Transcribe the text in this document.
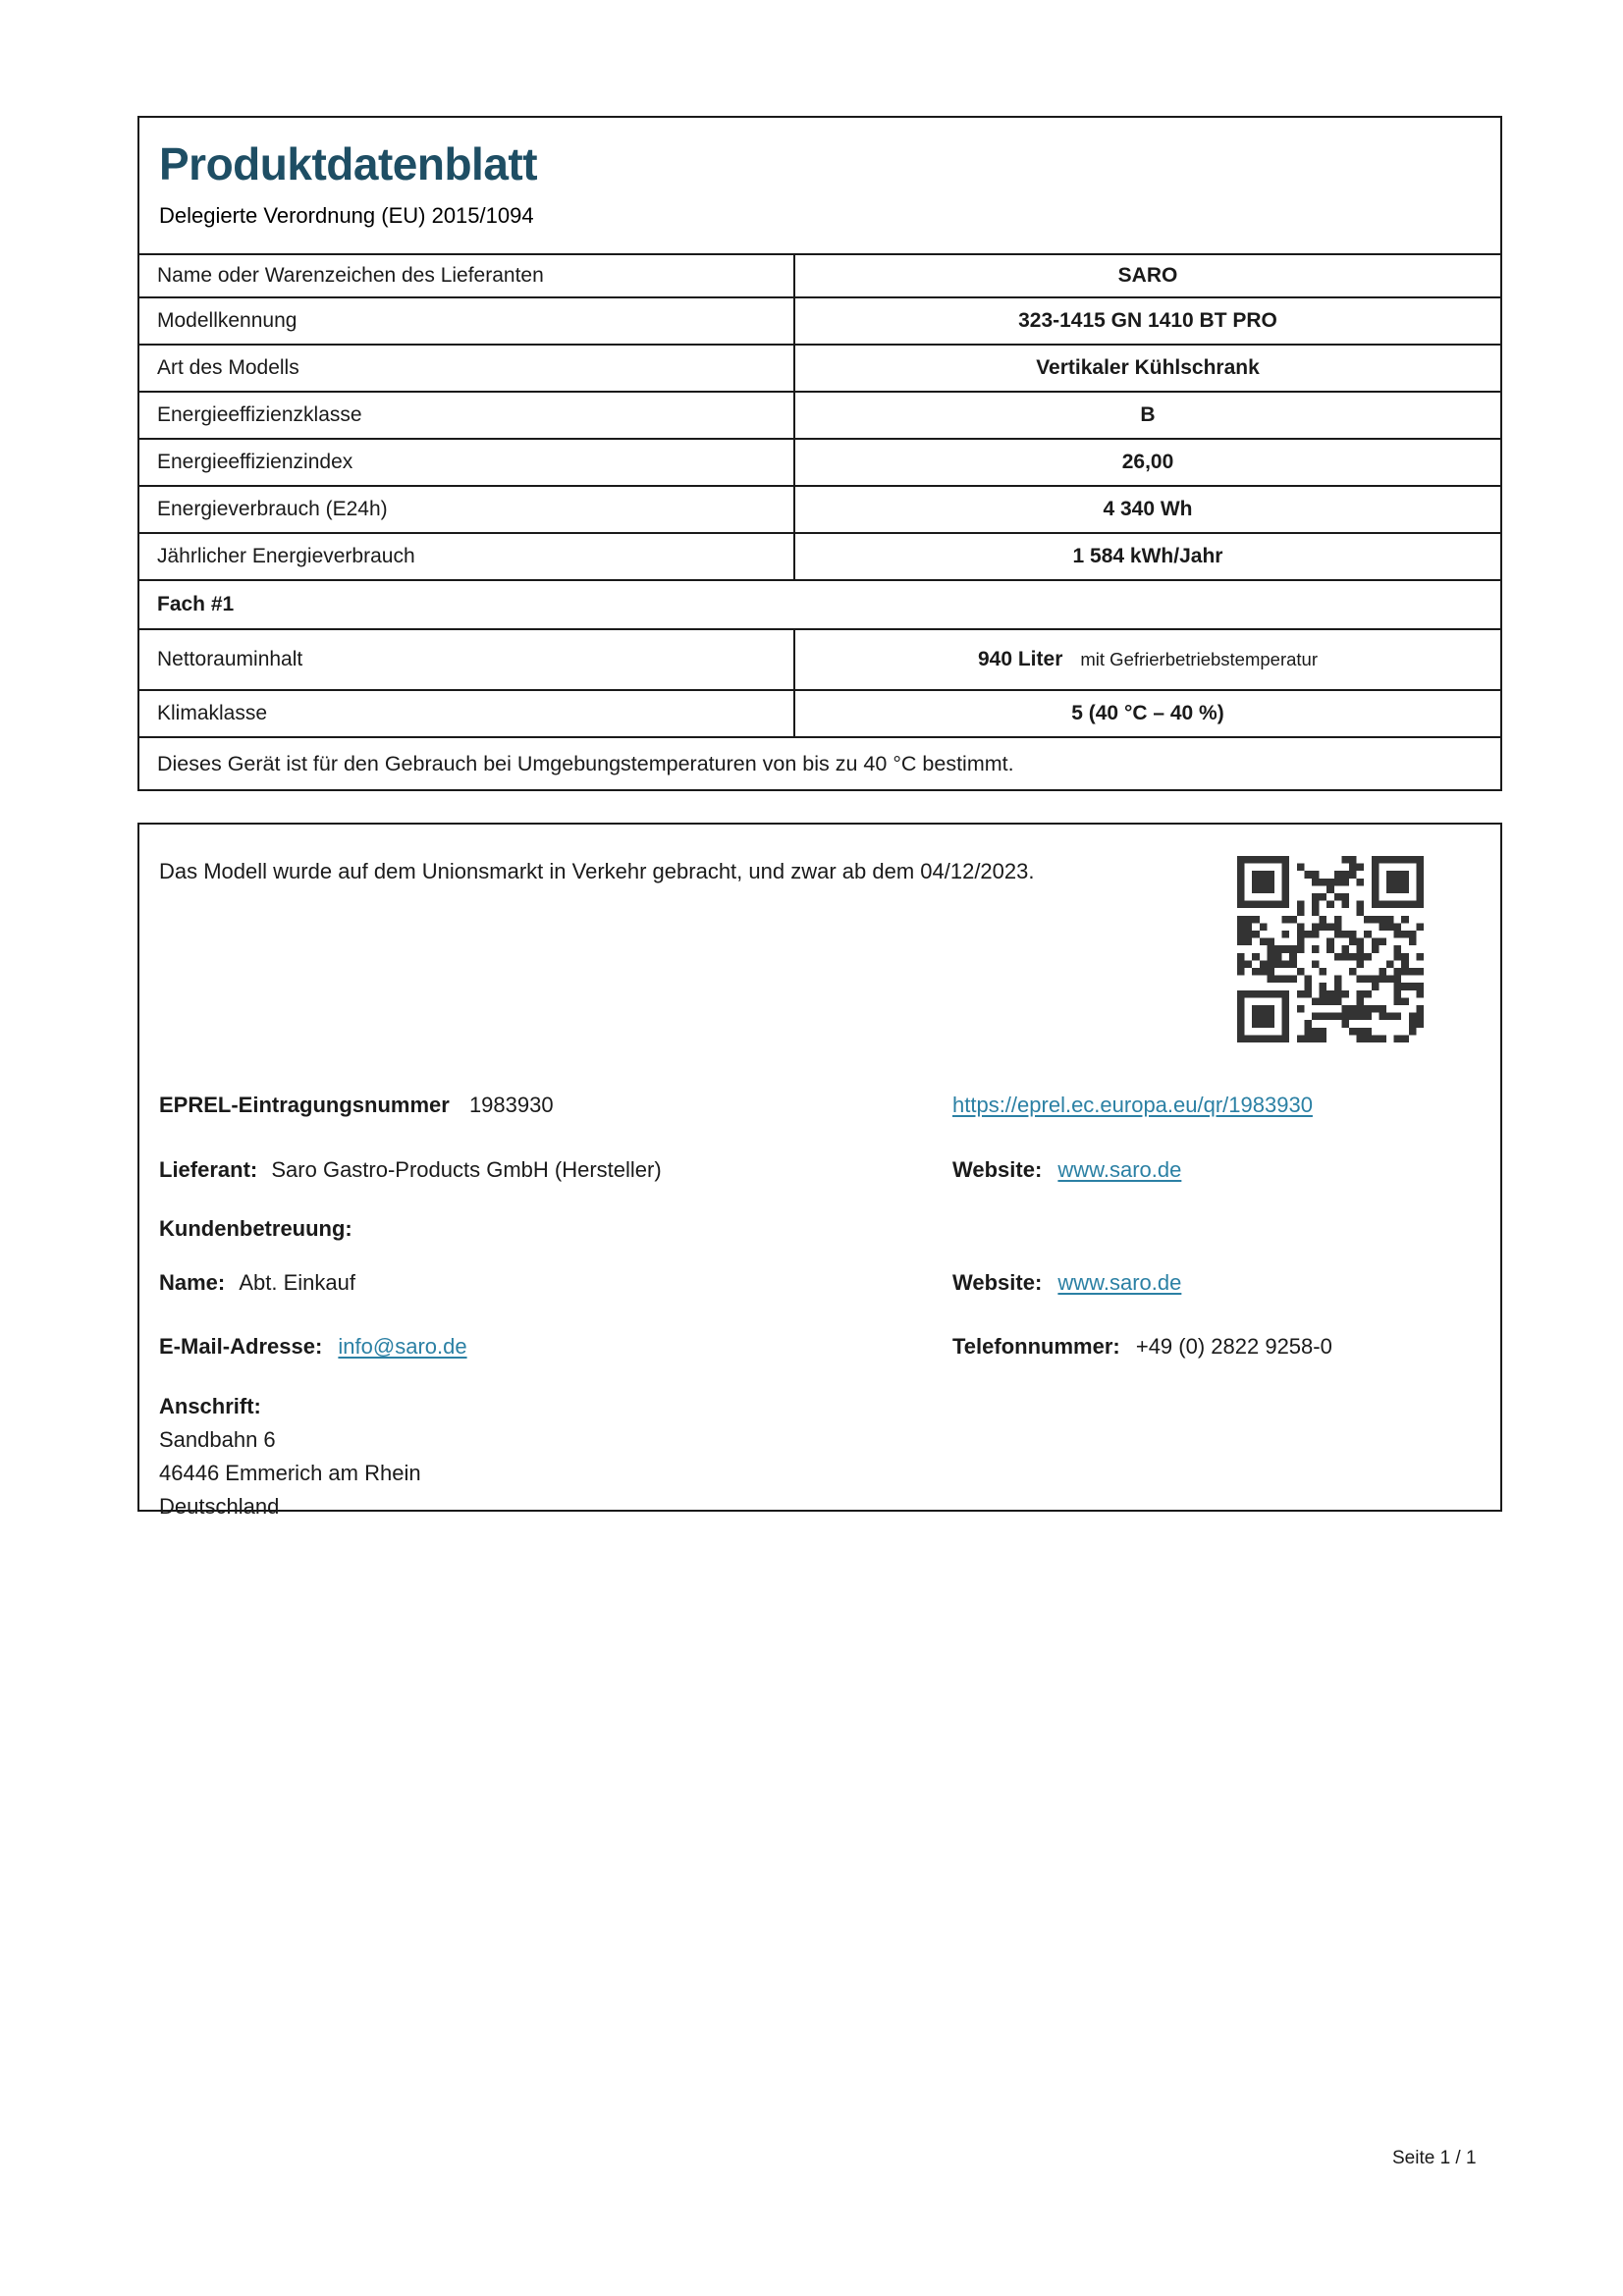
Produktdatenblatt
Delegierte Verordnung (EU) 2015/1094
Name oder Warenzeichen des Lieferanten	SARO
Modellkennung	323-1415 GN 1410 BT PRO
Art des Modells	Vertikaler Kühlschrank
Energieeffizienzklasse	B
Energieeffizienzindex	26,00
Energieverbrauch (E24h)	4 340 Wh
Jährlicher Energieverbrauch	1 584 kWh/Jahr
Fach #1
Nettorauminhalt	940 Liter mit Gefrierbetriebstemperatur
Klimaklasse	5 (40 °C – 40 %)
Dieses Gerät ist für den Gebrauch bei Umgebungstemperaturen von bis zu 40 °C bestimmt.
Das Modell wurde auf dem Unionsmarkt in Verkehr gebracht, und zwar ab dem 04/12/2023.
EPREL-Eintragungsnummer 1983930	https://eprel.ec.europa.eu/qr/1983930
Lieferant: Saro Gastro-Products GmbH (Hersteller)	Website: www.saro.de
Kundenbetreuung:
Name: Abt. Einkauf	Website: www.saro.de
E-Mail-Adresse: info@saro.de	Telefonnummer: +49 (0) 2822 9258-0
Anschrift:
Sandbahn 6
46446 Emmerich am Rhein
Deutschland
Seite 1 / 1
